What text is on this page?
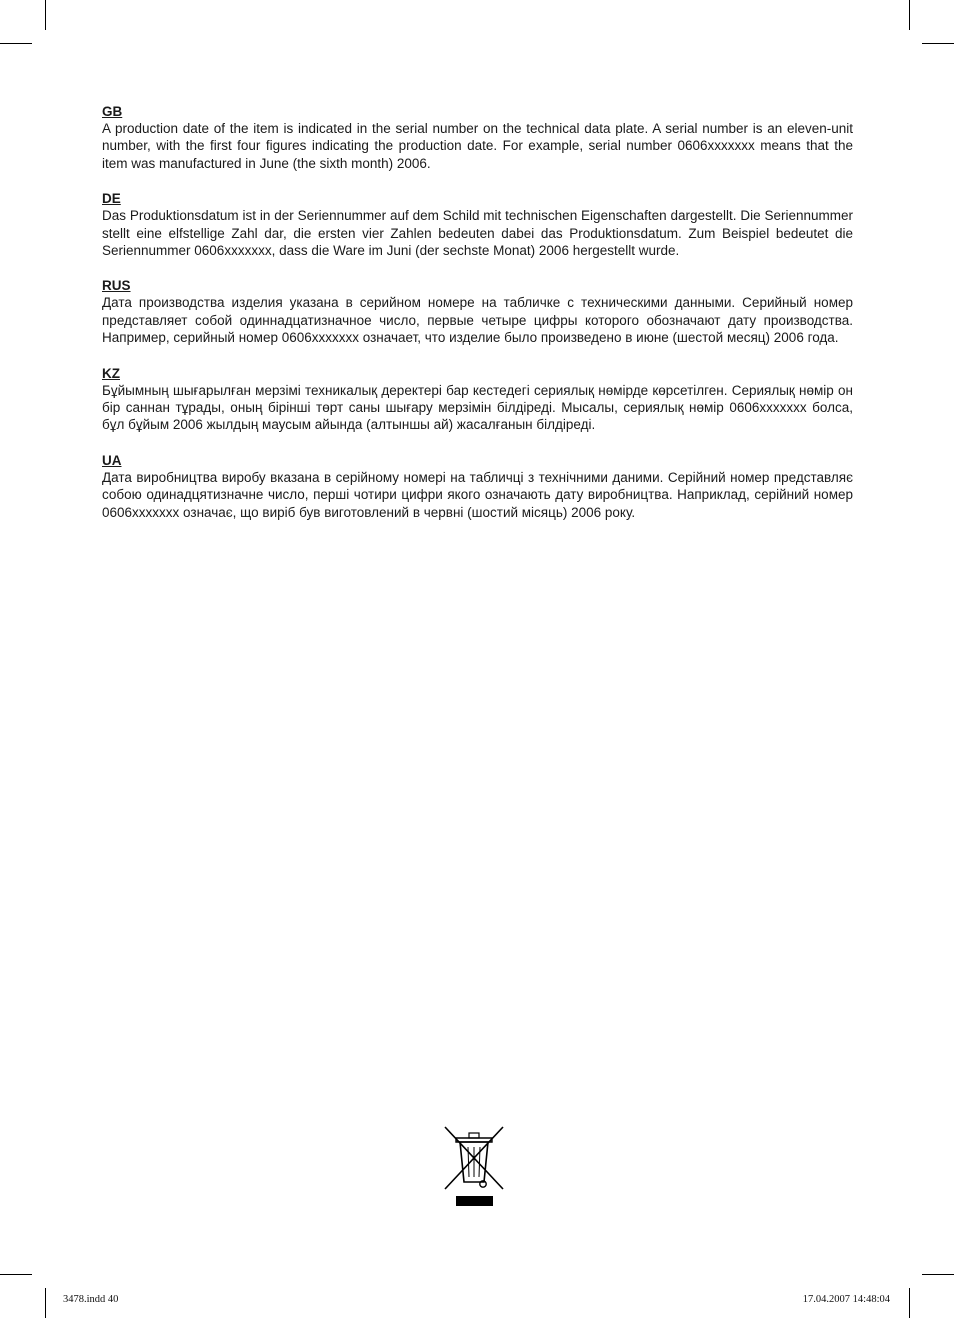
GB

A production date of the item is indicated in the serial number on the technical data plate. A serial number is an eleven-unit number, with the first four figures indicating the production date. For example, serial number 0606xxxxxxx means that the item was manufactured in June (the sixth month) 2006.

DE

Das Produktionsdatum ist in der Seriennummer auf dem Schild mit technischen Eigenschaften dargestellt. Die Seriennummer stellt eine elfstellige Zahl dar, die ersten vier Zahlen bedeuten dabei das Produktionsdatum. Zum Beispiel bedeutet die Seriennummer 0606xxxxxxx, dass die Ware im Juni (der sechste Monat) 2006 hergestellt wurde.

RUS

Дата производства изделия указана в серийном номере на табличке с техническими данными. Серийный номер представляет собой одиннадцатизначное число, первые четыре цифры которого обозначают дату производства. Например, серийный номер 0606xxxxxxx означает, что изделие было произведено в июне (шестой месяц) 2006 года.

KZ

Бұйымның шығарылған мерзімі техникалық деректері бар кестедегі сериялық нөмірде көрсетілген. Сериялық нөмір он бір саннан тұрады, оның бірінші төрт саны шығару мерзімін білдіреді. Мысалы, сериялық нөмір 0606xxxxxxx болса, бұл бұйым 2006 жылдың маусым айында (алтыншы ай) жасалғанын білдіреді.

UA

Дата виробництва виробу вказана в серійному номері на табличці з технічними даними. Серійний номер представляє собою одинадцятизначне число, перші чотири цифри якого означають дату виробництва. Наприклад, серійний номер 0606xxxxxxx означає, що виріб був виготовлений в червні (шостий місяць) 2006 року.

3478.indd 40	17.04.2007 14:48:04
